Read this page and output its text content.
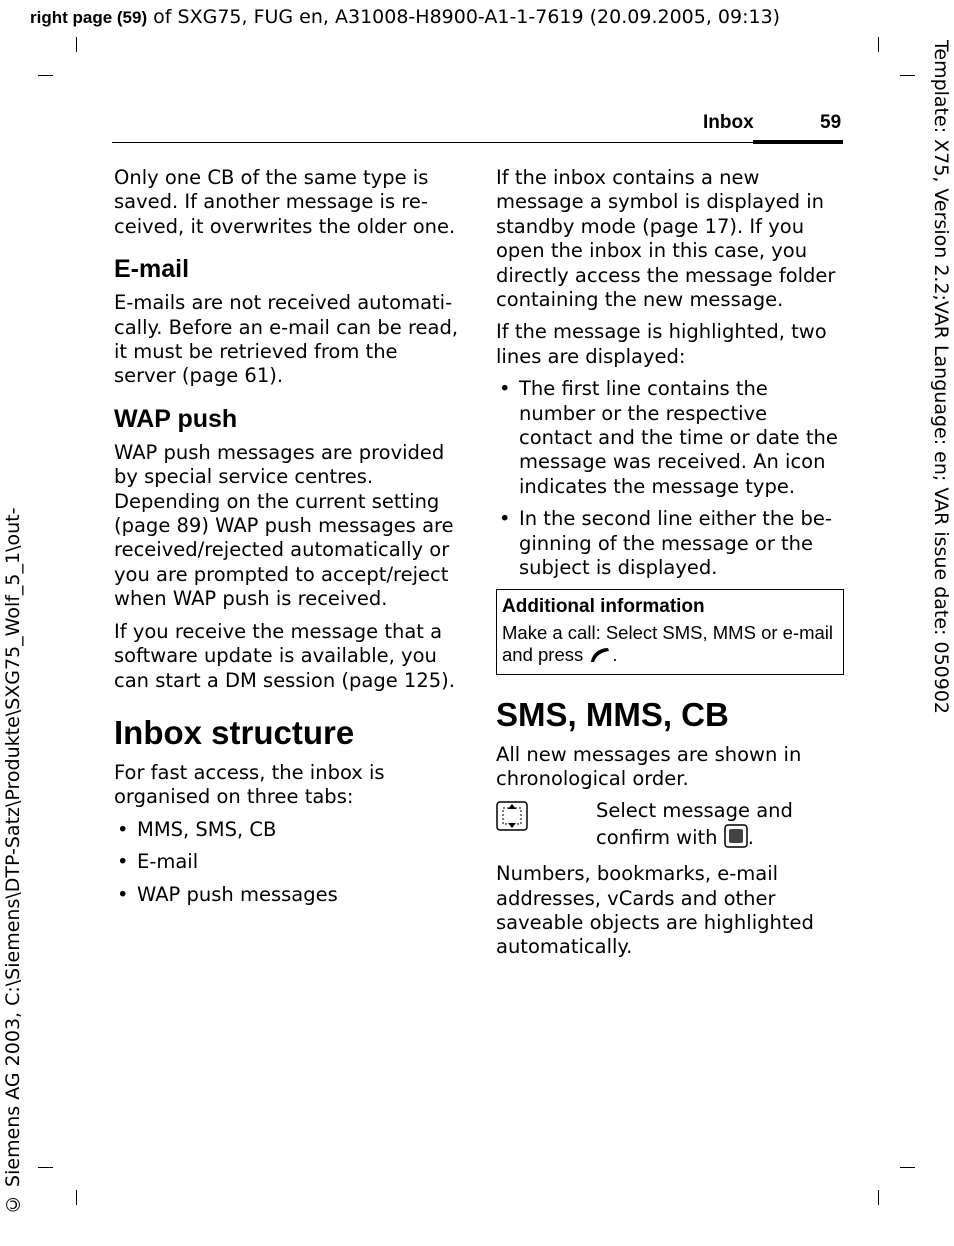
right page (59) of SXG75, FUG en, A31008-H8900-A1-1-7619 (20.09.2005, 09:13)
Template: X75, Version 2.2;VAR Language: en; VAR issue date: 050902
© Siemens AG 2003, C:\Siemens\DTP-Satz\Produkte\SXG75_Wolf_5_1\out-
Inbox	59

Only one CB of the same type is saved. If another message is received, it overwrites the older one.

E-mail

E-mails are not received automatically. Before an e-mail can be read, it must be retrieved from the server (page 61).

WAP push

WAP push messages are provided by special service centres. Depending on the current setting (page 89) WAP push messages are received/rejected automatically or you are prompted to accept/reject when WAP push is received.

If you receive the message that a software update is available, you can start a DM session (page 125).

Inbox structure

For fast access, the inbox is organised on three tabs:

• MMS, SMS, CB
• E-mail
• WAP push messages

If the inbox contains a new message a symbol is displayed in standby mode (page 17). If you open the inbox in this case, you directly access the message folder containing the new message.

If the message is highlighted, two lines are displayed:

• The first line contains the number or the respective contact and the time or date the message was received. An icon indicates the message type.
• In the second line either the beginning of the message or the subject is displayed.
Additional information
Make a call: Select SMS, MMS or e-mail and press .
SMS, MMS, CB

All new messages are shown in chronological order.

Select message and confirm with .

Numbers, bookmarks, e-mail addresses, vCards and other saveable objects are highlighted automatically.
